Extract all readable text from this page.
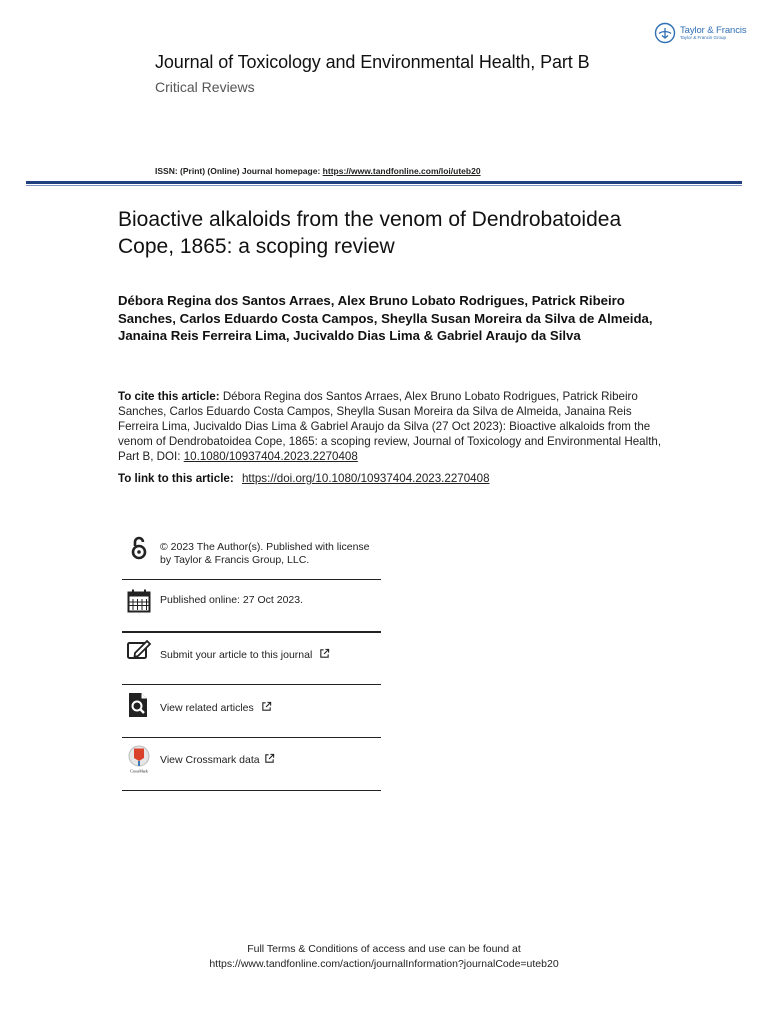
Taylor & Francis
Taylor & Francis Group
Journal of Toxicology and Environmental Health, Part B
Critical Reviews
ISSN: (Print) (Online) Journal homepage: https://www.tandfonline.com/loi/uteb20
Bioactive alkaloids from the venom of Dendrobatoidea Cope, 1865: a scoping review
Débora Regina dos Santos Arraes, Alex Bruno Lobato Rodrigues, Patrick Ribeiro Sanches, Carlos Eduardo Costa Campos, Sheylla Susan Moreira da Silva de Almeida, Janaina Reis Ferreira Lima, Jucivaldo Dias Lima & Gabriel Araujo da Silva
To cite this article: Débora Regina dos Santos Arraes, Alex Bruno Lobato Rodrigues, Patrick Ribeiro Sanches, Carlos Eduardo Costa Campos, Sheylla Susan Moreira da Silva de Almeida, Janaina Reis Ferreira Lima, Jucivaldo Dias Lima & Gabriel Araujo da Silva (27 Oct 2023): Bioactive alkaloids from the venom of Dendrobatoidea Cope, 1865: a scoping review, Journal of Toxicology and Environmental Health, Part B, DOI: 10.1080/10937404.2023.2270408
To link to this article: https://doi.org/10.1080/10937404.2023.2270408
© 2023 The Author(s). Published with license by Taylor & Francis Group, LLC.
Published online: 27 Oct 2023.
Submit your article to this journal
View related articles
CrossMark
View Crossmark data
Full Terms & Conditions of access and use can be found at
https://www.tandfonline.com/action/journalInformation?journalCode=uteb20
